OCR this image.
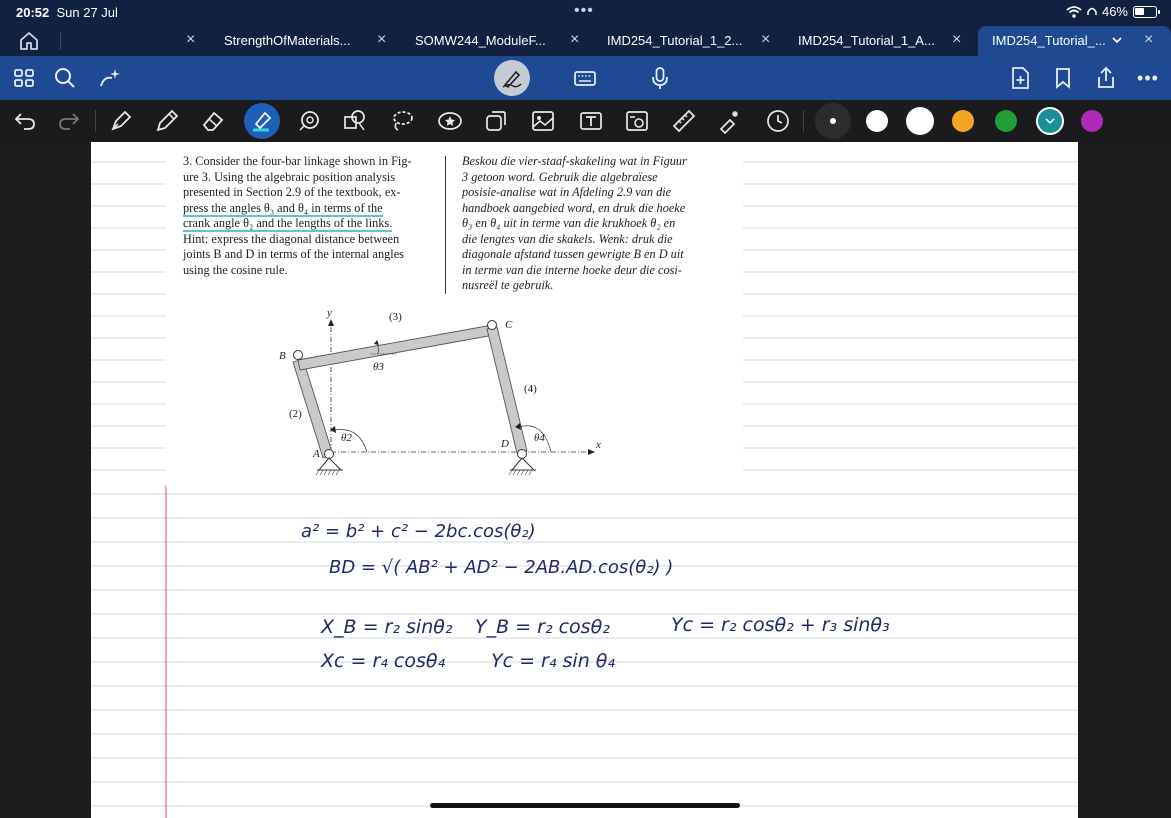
20:52 Sun 27 Jul	•••	46%
× StrengthOfMaterials... × SOMW244_ModuleF... × IMD254_Tutorial_1_2... × IMD254_Tutorial_1_A... × IMD254_Tutorial_... ×
•••
3. Consider the four-bar linkage shown in Fig-
ure 3. Using the algebraic position analysis
presented in Section 2.9 of the textbook, ex-
press the angles θ₃ and θ₄ in terms of the
crank angle θ₂ and the lengths of the links.
Hint: express the diagonal distance between
joints B and D in terms of the internal angles
using the cosine rule.
Beskou die vier-staaf-skakeling wat in Figuur
3 getoon word. Gebruik die algebraïese
posisie-analise wat in Afdeling 2.9 van die
handboek aangebied word, en druk die hoeke
θ₃ en θ₄ uit in terme van die krukhoek θ₂ en
die lengtes van die skakels. Wenk: druk die
diagonale afstand tussen gewrigte B en D uit
in terme van die interne hoeke deur die cosi-
nusreël te gebruik.
y
x
(3)
(2)
(4)
B
C
A
D
θ3
θ2	θ4
a² = b² + c² − 2bc.cos(θ₂)
BD = √( AB² + AD² − 2AB.AD.cos(θ₂) )
X_B = r₂ sinθ₂ Y_B = r₂ cosθ₂	Yc = r₂ cosθ₂ + r₃ sinθ₃
Xc = r₄ cosθ₄ Yc = r₄ sin θ₄
